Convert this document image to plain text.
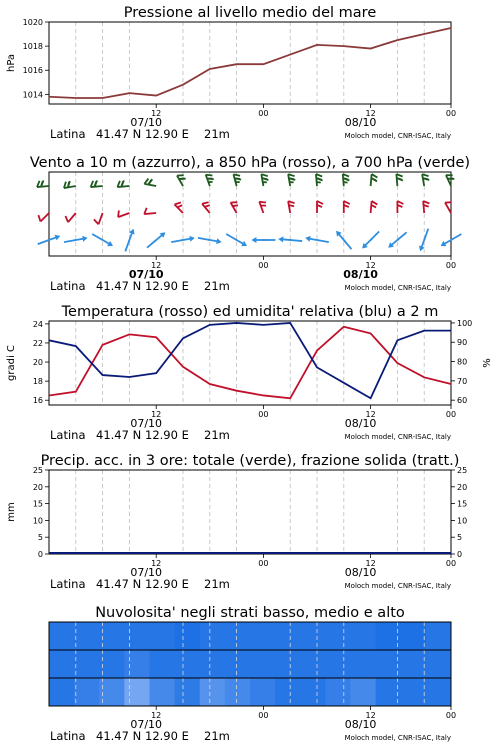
12	00	12	00
07/10	08/10
Latina 41.47 N 12.90 E 21m	Moloch model, CNR-ISAC, Italy
Pressione al livello medio del mare
1014
1016
1018
1020
hPa
12	00	12	00
07/10	08/10
Latina 41.47 N 12.90 E 21m	Moloch model, CNR-ISAC, Italy
Vento a 10 m (azzurro), a 850 hPa (rosso), a 700 hPa (verde)
12	00	12	00
07/10	08/10
Latina 41.47 N 12.90 E 21m	Moloch model, CNR-ISAC, Italy
Temperatura (rosso) ed umidita' relativa (blu) a 2 m
16
18
20
22
24
60
70
80
90
100
gradi C	%
12	00	12	00
07/10	08/10
Latina 41.47 N 12.90 E 21m	Moloch model, CNR-ISAC, Italy
Precip. acc. in 3 ore: totale (verde), frazione solida (tratt.)
0	0
5	5
10	10
15	15
20	20
25	25
mm
12	00	12	00
07/10	08/10
Latina 41.47 N 12.90 E 21m	Moloch model, CNR-ISAC, Italy
Nuvolosita' negli strati basso, medio e alto
